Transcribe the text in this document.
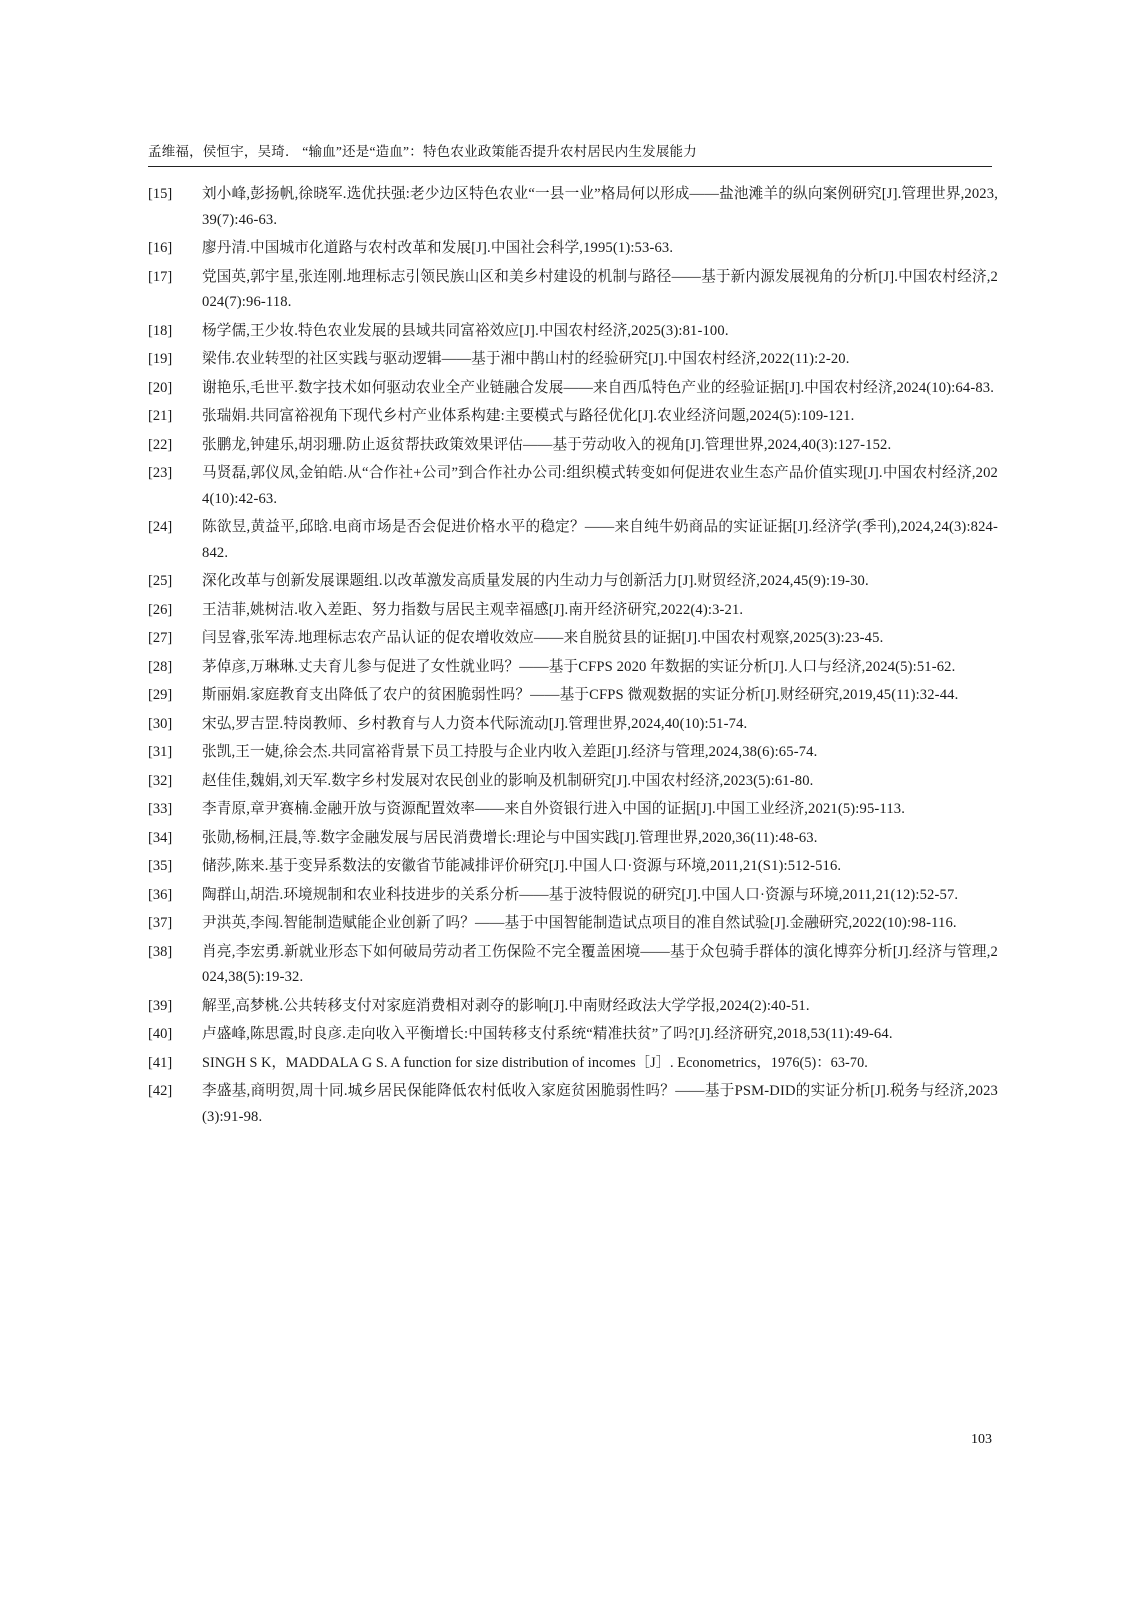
孟维福，侯恒宇，吴琦． “输血”还是“造血”：特色农业政策能否提升农村居民内生发展能力
[15]	刘小峰,彭扬帆,徐晓军.选优扶强:老少边区特色农业“一县一业”格局何以形成——盐池滩羊的纵向案例研究[J].管理世界,2023,39(7):46-63.
[16]	廖丹清.中国城市化道路与农村改革和发展[J].中国社会科学,1995(1):53-63.
[17]	党国英,郭宇星,张连刚.地理标志引领民族山区和美乡村建设的机制与路径——基于新内源发展视角的分析[J].中国农村经济,2024(7):96-118.
[18]	杨学儒,王少妆.特色农业发展的县域共同富裕效应[J].中国农村经济,2025(3):81-100.
[19]	梁伟.农业转型的社区实践与驱动逻辑——基于湘中鹊山村的经验研究[J].中国农村经济,2022(11):2-20.
[20]	谢艳乐,毛世平.数字技术如何驱动农业全产业链融合发展——来自西瓜特色产业的经验证据[J].中国农村经济,2024(10):64-83.
[21]	张瑞娟.共同富裕视角下现代乡村产业体系构建:主要模式与路径优化[J].农业经济问题,2024(5):109-121.
[22]	张鹏龙,钟建乐,胡羽珊.防止返贫帮扶政策效果评估——基于劳动收入的视角[J].管理世界,2024,40(3):127-152.
[23]	马贤磊,郭仪凤,金铂皓.从“合作社+公司”到合作社办公司:组织模式转变如何促进农业生态产品价值实现[J].中国农村经济,2024(10):42-63.
[24]	陈欲昱,黄益平,邱晗.电商市场是否会促进价格水平的稳定？——来自纯牛奶商品的实证证据[J].经济学(季刊),2024,24(3):824-842.
[25]	深化改革与创新发展课题组.以改革激发高质量发展的内生动力与创新活力[J].财贸经济,2024,45(9):19-30.
[26]	王洁菲,姚树洁.收入差距、努力指数与居民主观幸福感[J].南开经济研究,2022(4):3-21.
[27]	闫昱睿,张军涛.地理标志农产品认证的促农增收效应——来自脱贫县的证据[J].中国农村观察,2025(3):23-45.
[28]	茅倬彦,万琳琳.丈夫育儿参与促进了女性就业吗？——基于CFPS 2020 年数据的实证分析[J].人口与经济,2024(5):51-62.
[29]	斯丽娟.家庭教育支出降低了农户的贫困脆弱性吗？——基于CFPS 微观数据的实证分析[J].财经研究,2019,45(11):32-44.
[30]	宋弘,罗吉罡.特岗教师、乡村教育与人力资本代际流动[J].管理世界,2024,40(10):51-74.
[31]	张凯,王一婕,徐会杰.共同富裕背景下员工持股与企业内收入差距[J].经济与管理,2024,38(6):65-74.
[32]	赵佳佳,魏娟,刘天军.数字乡村发展对农民创业的影响及机制研究[J].中国农村经济,2023(5):61-80.
[33]	李青原,章尹赛楠.金融开放与资源配置效率——来自外资银行进入中国的证据[J].中国工业经济,2021(5):95-113.
[34]	张勋,杨桐,汪晨,等.数字金融发展与居民消费增长:理论与中国实践[J].管理世界,2020,36(11):48-63.
[35]	储莎,陈来.基于变异系数法的安徽省节能减排评价研究[J].中国人口·资源与环境,2011,21(S1):512-516.
[36]	陶群山,胡浩.环境规制和农业科技进步的关系分析——基于波特假说的研究[J].中国人口·资源与环境,2011,21(12):52-57.
[37]	尹洪英,李闯.智能制造赋能企业创新了吗？——基于中国智能制造试点项目的准自然试验[J].金融研究,2022(10):98-116.
[38]	肖亮,李宏勇.新就业形态下如何破局劳动者工伤保险不完全覆盖困境——基于众包骑手群体的演化博弈分析[J].经济与管理,2024,38(5):19-32.
[39]	解垩,高梦桃.公共转移支付对家庭消费相对剥夺的影响[J].中南财经政法大学学报,2024(2):40-51.
[40]	卢盛峰,陈思霞,时良彦.走向收入平衡增长:中国转移支付系统“精准扶贫”了吗?[J].经济研究,2018,53(11):49-64.
[41]	SINGH S K，MADDALA G S. A function for size distribution of incomes［J］. Econometrics，1976(5)：63-70.
[42]	李盛基,商明贺,周十同.城乡居民保能降低农村低收入家庭贫困脆弱性吗？——基于PSM-DID的实证分析[J].税务与经济,2023(3):91-98.
103
